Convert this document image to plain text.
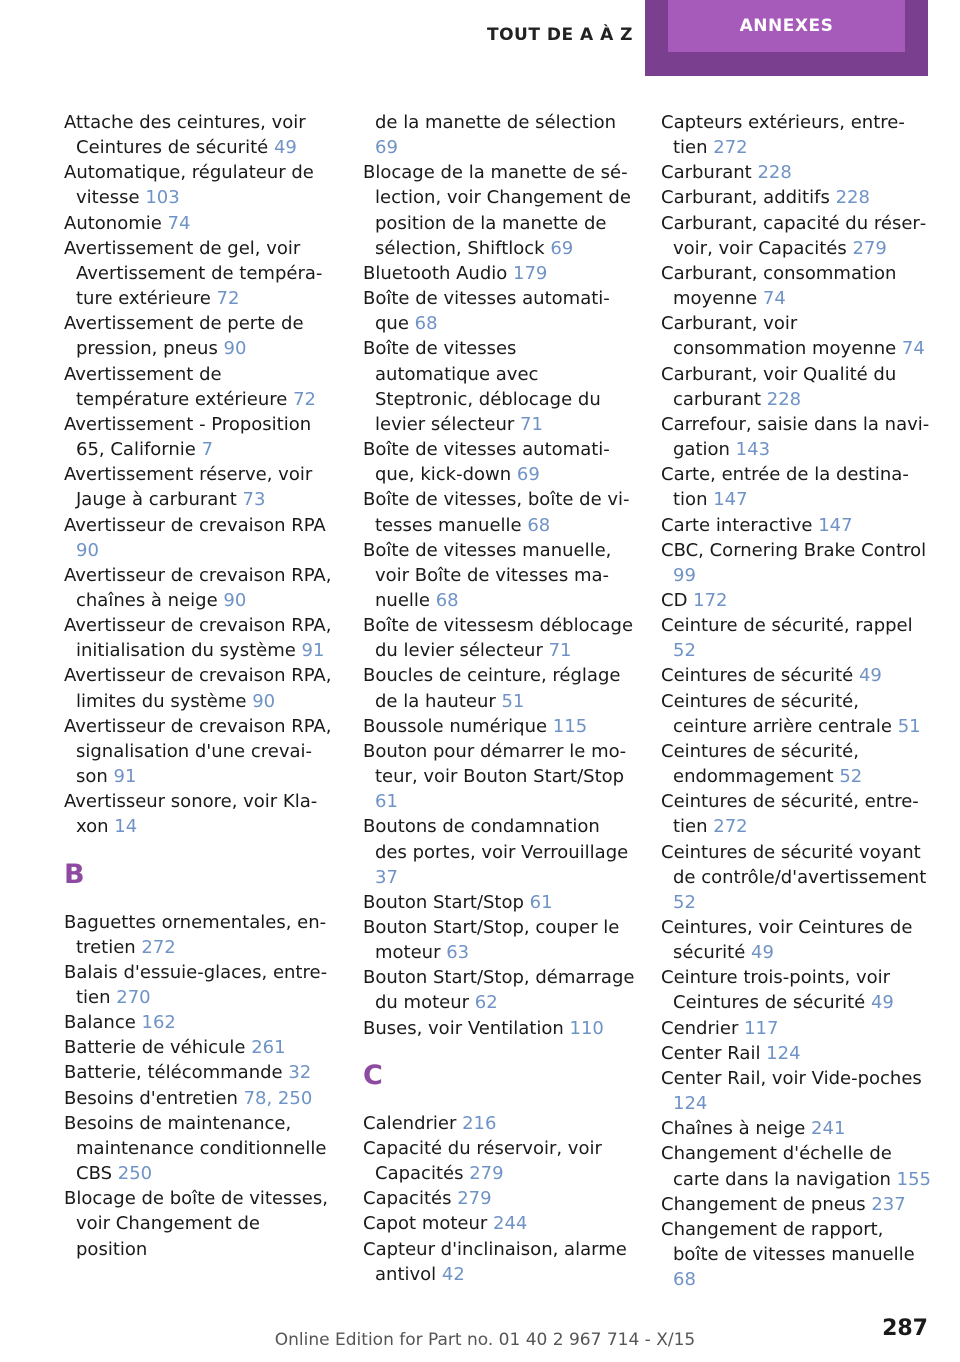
TOUT DE A À Z	ANNEXES
Attache des ceintures, voir Ceintures de sécurité 49
Automatique, régulateur de vitesse 103
Autonomie 74
Avertissement de gel, voir Avertissement de température extérieure 72
Avertissement de perte de pression, pneus 90
Avertissement de température extérieure 72
Avertissement - Proposition 65, Californie 7
Avertissement réserve, voir Jauge à carburant 73
Avertisseur de crevaison RPA 90
Avertisseur de crevaison RPA, chaînes à neige 90
Avertisseur de crevaison RPA, initialisation du système 91
Avertisseur de crevaison RPA, limites du système 90
Avertisseur de crevaison RPA, signalisation d'une crevaison 91
Avertisseur sonore, voir Klaxon 14
B
Baguettes ornementales, entretien 272
Balais d'essuie-glaces, entretien 270
Balance 162
Batterie de véhicule 261
Batterie, télécommande 32
Besoins d'entretien 78, 250
Besoins de maintenance, maintenance conditionnelle CBS 250
Blocage de boîte de vitesses, voir Changement de position
de la manette de sélection 69
Blocage de la manette de sélection, voir Changement de position de la manette de sélection, Shiftlock 69
Bluetooth Audio 179
Boîte de vitesses automatique 68
Boîte de vitesses automatique avec Steptronic, déblocage du levier sélecteur 71
Boîte de vitesses automatique, kick-down 69
Boîte de vitesses, boîte de vitesses manuelle 68
Boîte de vitesses manuelle, voir Boîte de vitesses manuelle 68
Boîte de vitessesm déblocage du levier sélecteur 71
Boucles de ceinture, réglage de la hauteur 51
Boussole numérique 115
Bouton pour démarrer le moteur, voir Bouton Start/Stop 61
Boutons de condamnation des portes, voir Verrouillage 37
Bouton Start/Stop 61
Bouton Start/Stop, couper le moteur 63
Bouton Start/Stop, démarrage du moteur 62
Buses, voir Ventilation 110
C
Calendrier 216
Capacité du réservoir, voir Capacités 279
Capacités 279
Capot moteur 244
Capteur d'inclinaison, alarme antivol 42
Capteurs extérieurs, entretien 272
Carburant 228
Carburant, additifs 228
Carburant, capacité du réservoir, voir Capacités 279
Carburant, consommation moyenne 74
Carburant, voir consommation moyenne 74
Carburant, voir Qualité du carburant 228
Carrefour, saisie dans la navigation 143
Carte, entrée de la destination 147
Carte interactive 147
CBC, Cornering Brake Control 99
CD 172
Ceinture de sécurité, rappel 52
Ceintures de sécurité 49
Ceintures de sécurité, ceinture arrière centrale 51
Ceintures de sécurité, endommagement 52
Ceintures de sécurité, entretien 272
Ceintures de sécurité voyant de contrôle/d'avertissement 52
Ceintures, voir Ceintures de sécurité 49
Ceinture trois-points, voir Ceintures de sécurité 49
Cendrier 117
Center Rail 124
Center Rail, voir Vide-poches 124
Chaînes à neige 241
Changement d'échelle de carte dans la navigation 155
Changement de pneus 237
Changement de rapport, boîte de vitesses manuelle 68
287
Online Edition for Part no. 01 40 2 967 714 - X/15
